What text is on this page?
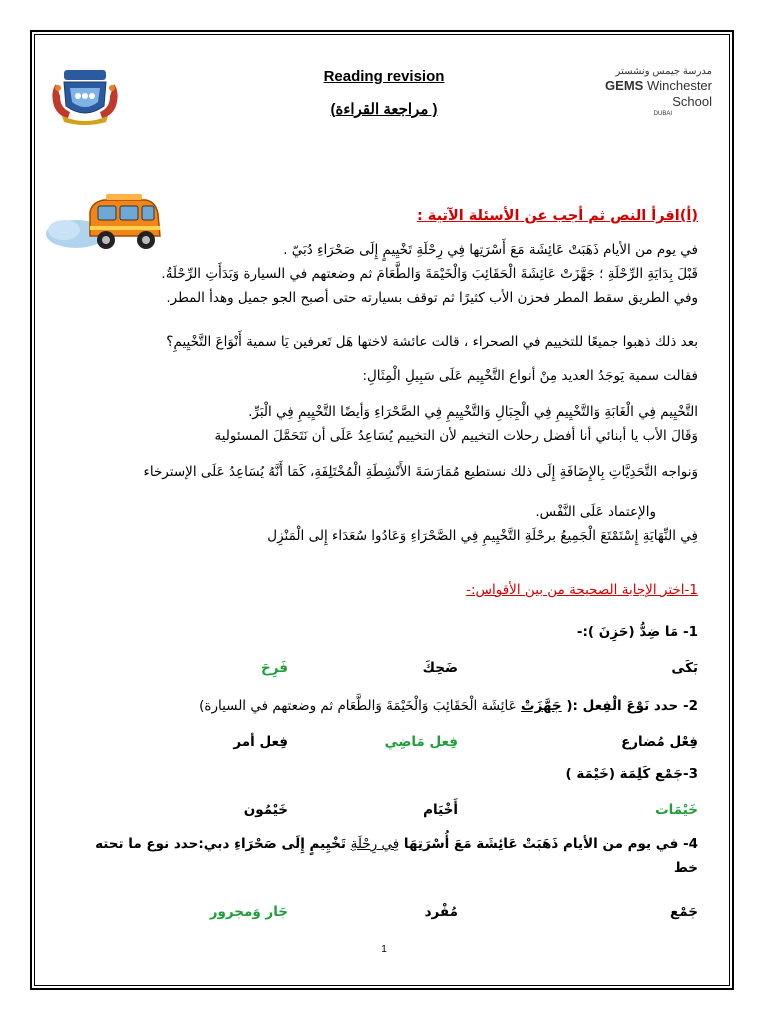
مدرسة جيمس ونشستر
GEMS Winchester School
DUBAI
Reading revision
(مراجعة القراءة )
(أ)اقرأ النص ثم أجب عن الأسئلة الآتية :
في يوم من الأيام ذَهَبَتْ عَائِشَة مَعَ أَسْرَتِها فِي رِحْلَةِ تَخْيِيمٍ إِلَى صَحْرَاءِ دُبَيّ .
قَبْلَ بِدَايَةِ الرِّحْلَةِ ؛ جَهَّزَتْ عَائِشَةَ الْحَقَائِبَ وَالْخَيْمَةَ وَالطَّعَامَ ثم وضعتهم في السيارة وَبَدَأَتِ الرِّحْلَةُ.
وفي الطريق سقط المطر فحزن الأب كثيرًا ثم توقف بسيارته حتى أصبح الجو جميل وهدأ المطر.
بعد ذلك ذهبوا جميعًا للتخييم في الصحراء ، قالت عائشة لاختها هَل تَعرفين يَا سمية أَنْوَاعَ التَّخْيِيمِ؟
فقالت سمية يَوجَدُ العديد مِنْ أنواع التَّخْيِيم عَلَى سَبِيلِ الْمِثَالِ:
التَّخْيِيم فِي الْغَابَةِ وَالتَّخْيِيمِ فِي الْجِبَالِ وَالتَّخْيِيمِ فِي الصَّحْرَاءِ وَأيضًا التَّخْيِيمِ فِي الْبَرِّ.
وَقَالَ الأب يا أبنائي أنا أفضل رحلات التخييم لأن التخييم يُسَاعِدُ عَلَى أن نَتَحَمَّلَ المسئولية
وَنواجه التَّحَدِيَّاتِ بِالإِضَافَةِ إِلَى ذلك نستطيع مُمَارَسَةَ الأَنْشِطَةِ الْمُخْتَلِفَةِ، كَمَا أَنَّهُ يُسَاعِدُ عَلَى الإسترخاء
والإعتماد عَلَى النَّفْس.
فِي النِّهَايَةِ إِسْتَمْتَعَ الْجَمِيعُ برحْلَةِ التَّخْيِيمِ فِي الصَّحْرَاءِ وَعَادُوا سُعَدَاء إِلى الْمَنْزِل
1-اختر الإجابة الصحيحة من بين الأقواس:-
1- مَا ضِدُّ (حَزِنَ ):-
بَكَى
ضَحِكَ
فَرِحَ
2- حدد نَوْعَ الْفِعل :( جَهَّزَتْ عَائِشَة الْحَقَائِبَ وَالْخَيْمَةَ وَالطَّعَام ثم وضعتهم في السيارة)
فِعْل مُضارع
فِعل مَاضِي
فِعل أمر
3-جَمْع كَلِمَة (خَيْمَة )
خَيْمَات
أَخْيَام
خَيْمُون
4- في يوم من الأيام ذَهَبَتْ عَائِشَة مَعَ أُسْرَتِهَا فِي رِحْلَةِ تَخْيِيمٍ إِلَى صَحْرَاءِ دبي:حدد نوع ما تحته
خط
جَمْع
مُفْرد
جَار وَمجرور
1
